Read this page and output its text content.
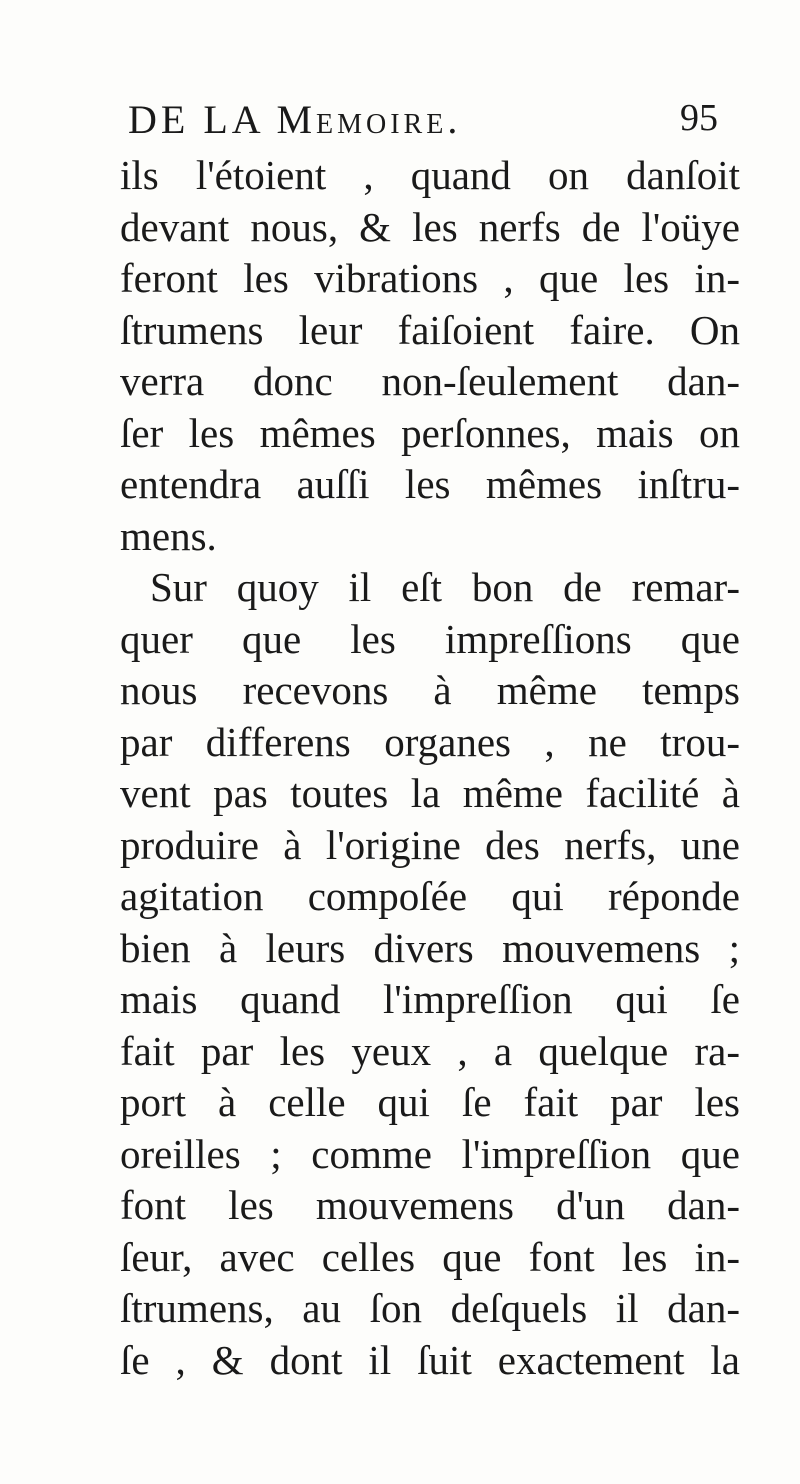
DE LA Memoire.	95
ils l'étoient , quand on danſoit
devant nous, & les nerfs de l'oüye
feront les vibrations , que les in-
ſtrumens leur faiſoient faire. On
verra donc non-ſeulement dan-
ſer les mêmes perſonnes, mais on
entendra auſſi les mêmes inſtru-
mens.
Sur quoy il eſt bon de remar-
quer que les impreſſions que
nous recevons à même temps
par differens organes , ne trou-
vent pas toutes la même facilité à
produire à l'origine des nerfs, une
agitation compoſée qui réponde
bien à leurs divers mouvemens ;
mais quand l'impreſſion qui ſe
fait par les yeux , a quelque ra-
port à celle qui ſe fait par les
oreilles ; comme l'impreſſion que
font les mouvemens d'un dan-
ſeur, avec celles que font les in-
ſtrumens, au ſon deſquels il dan-
ſe , & dont il ſuit exactement la
